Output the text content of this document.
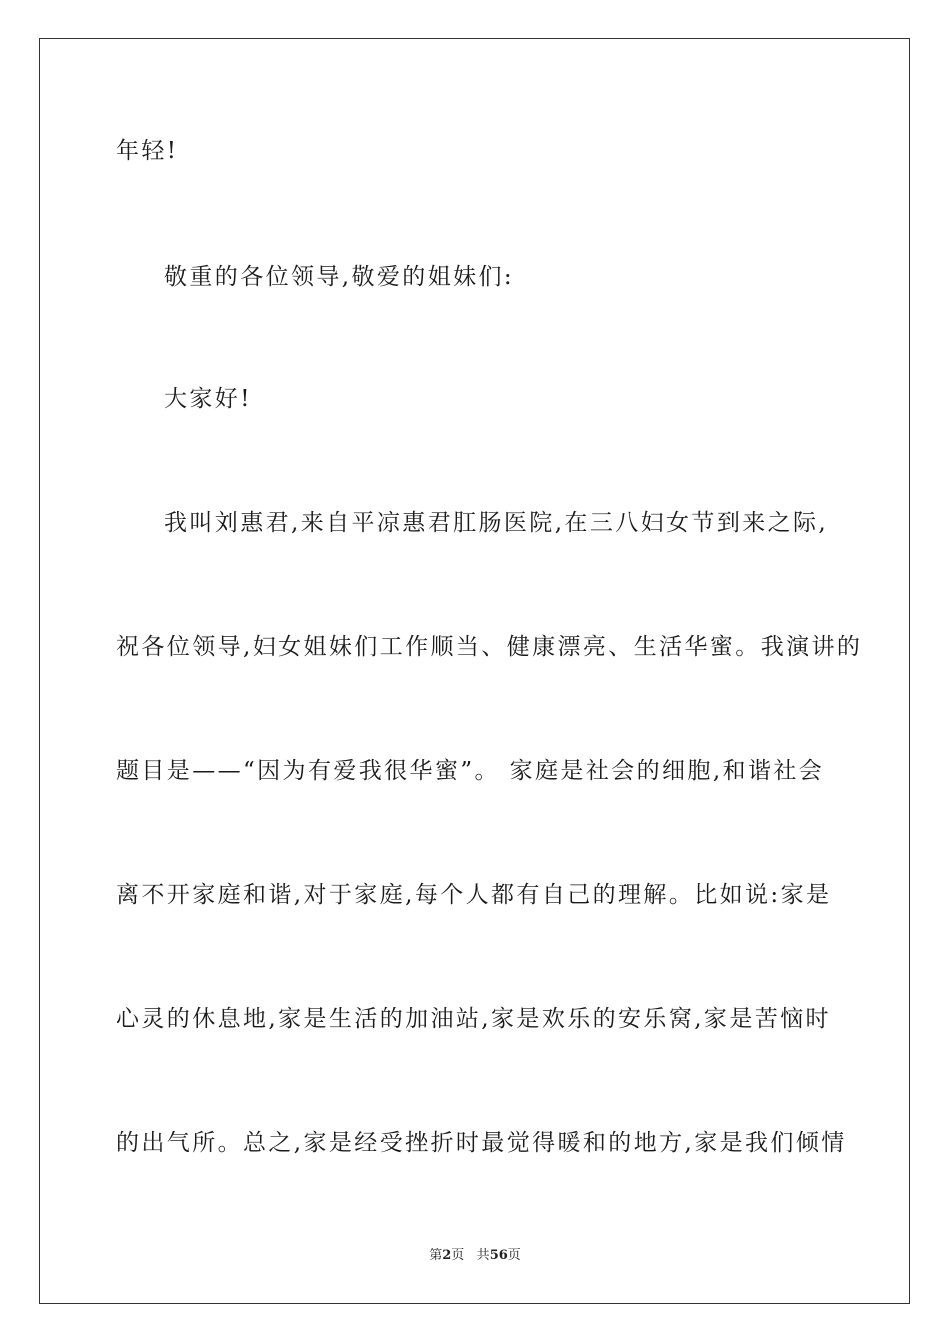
年轻!
敬重的各位领导,敬爱的姐妹们:
大家好!
我叫刘惠君,来自平凉惠君肛肠医院,在三八妇女节到来之际,
祝各位领导,妇女姐妹们工作顺当、健康漂亮、生活华蜜。我演讲的
题目是——“因为有爱我很华蜜”。 家庭是社会的细胞,和谐社会
离不开家庭和谐,对于家庭,每个人都有自己的理解。比如说:家是
心灵的休息地,家是生活的加油站,家是欢乐的安乐窝,家是苦恼时
的出气所。总之,家是经受挫折时最觉得暖和的地方,家是我们倾情
第2页 共56页
